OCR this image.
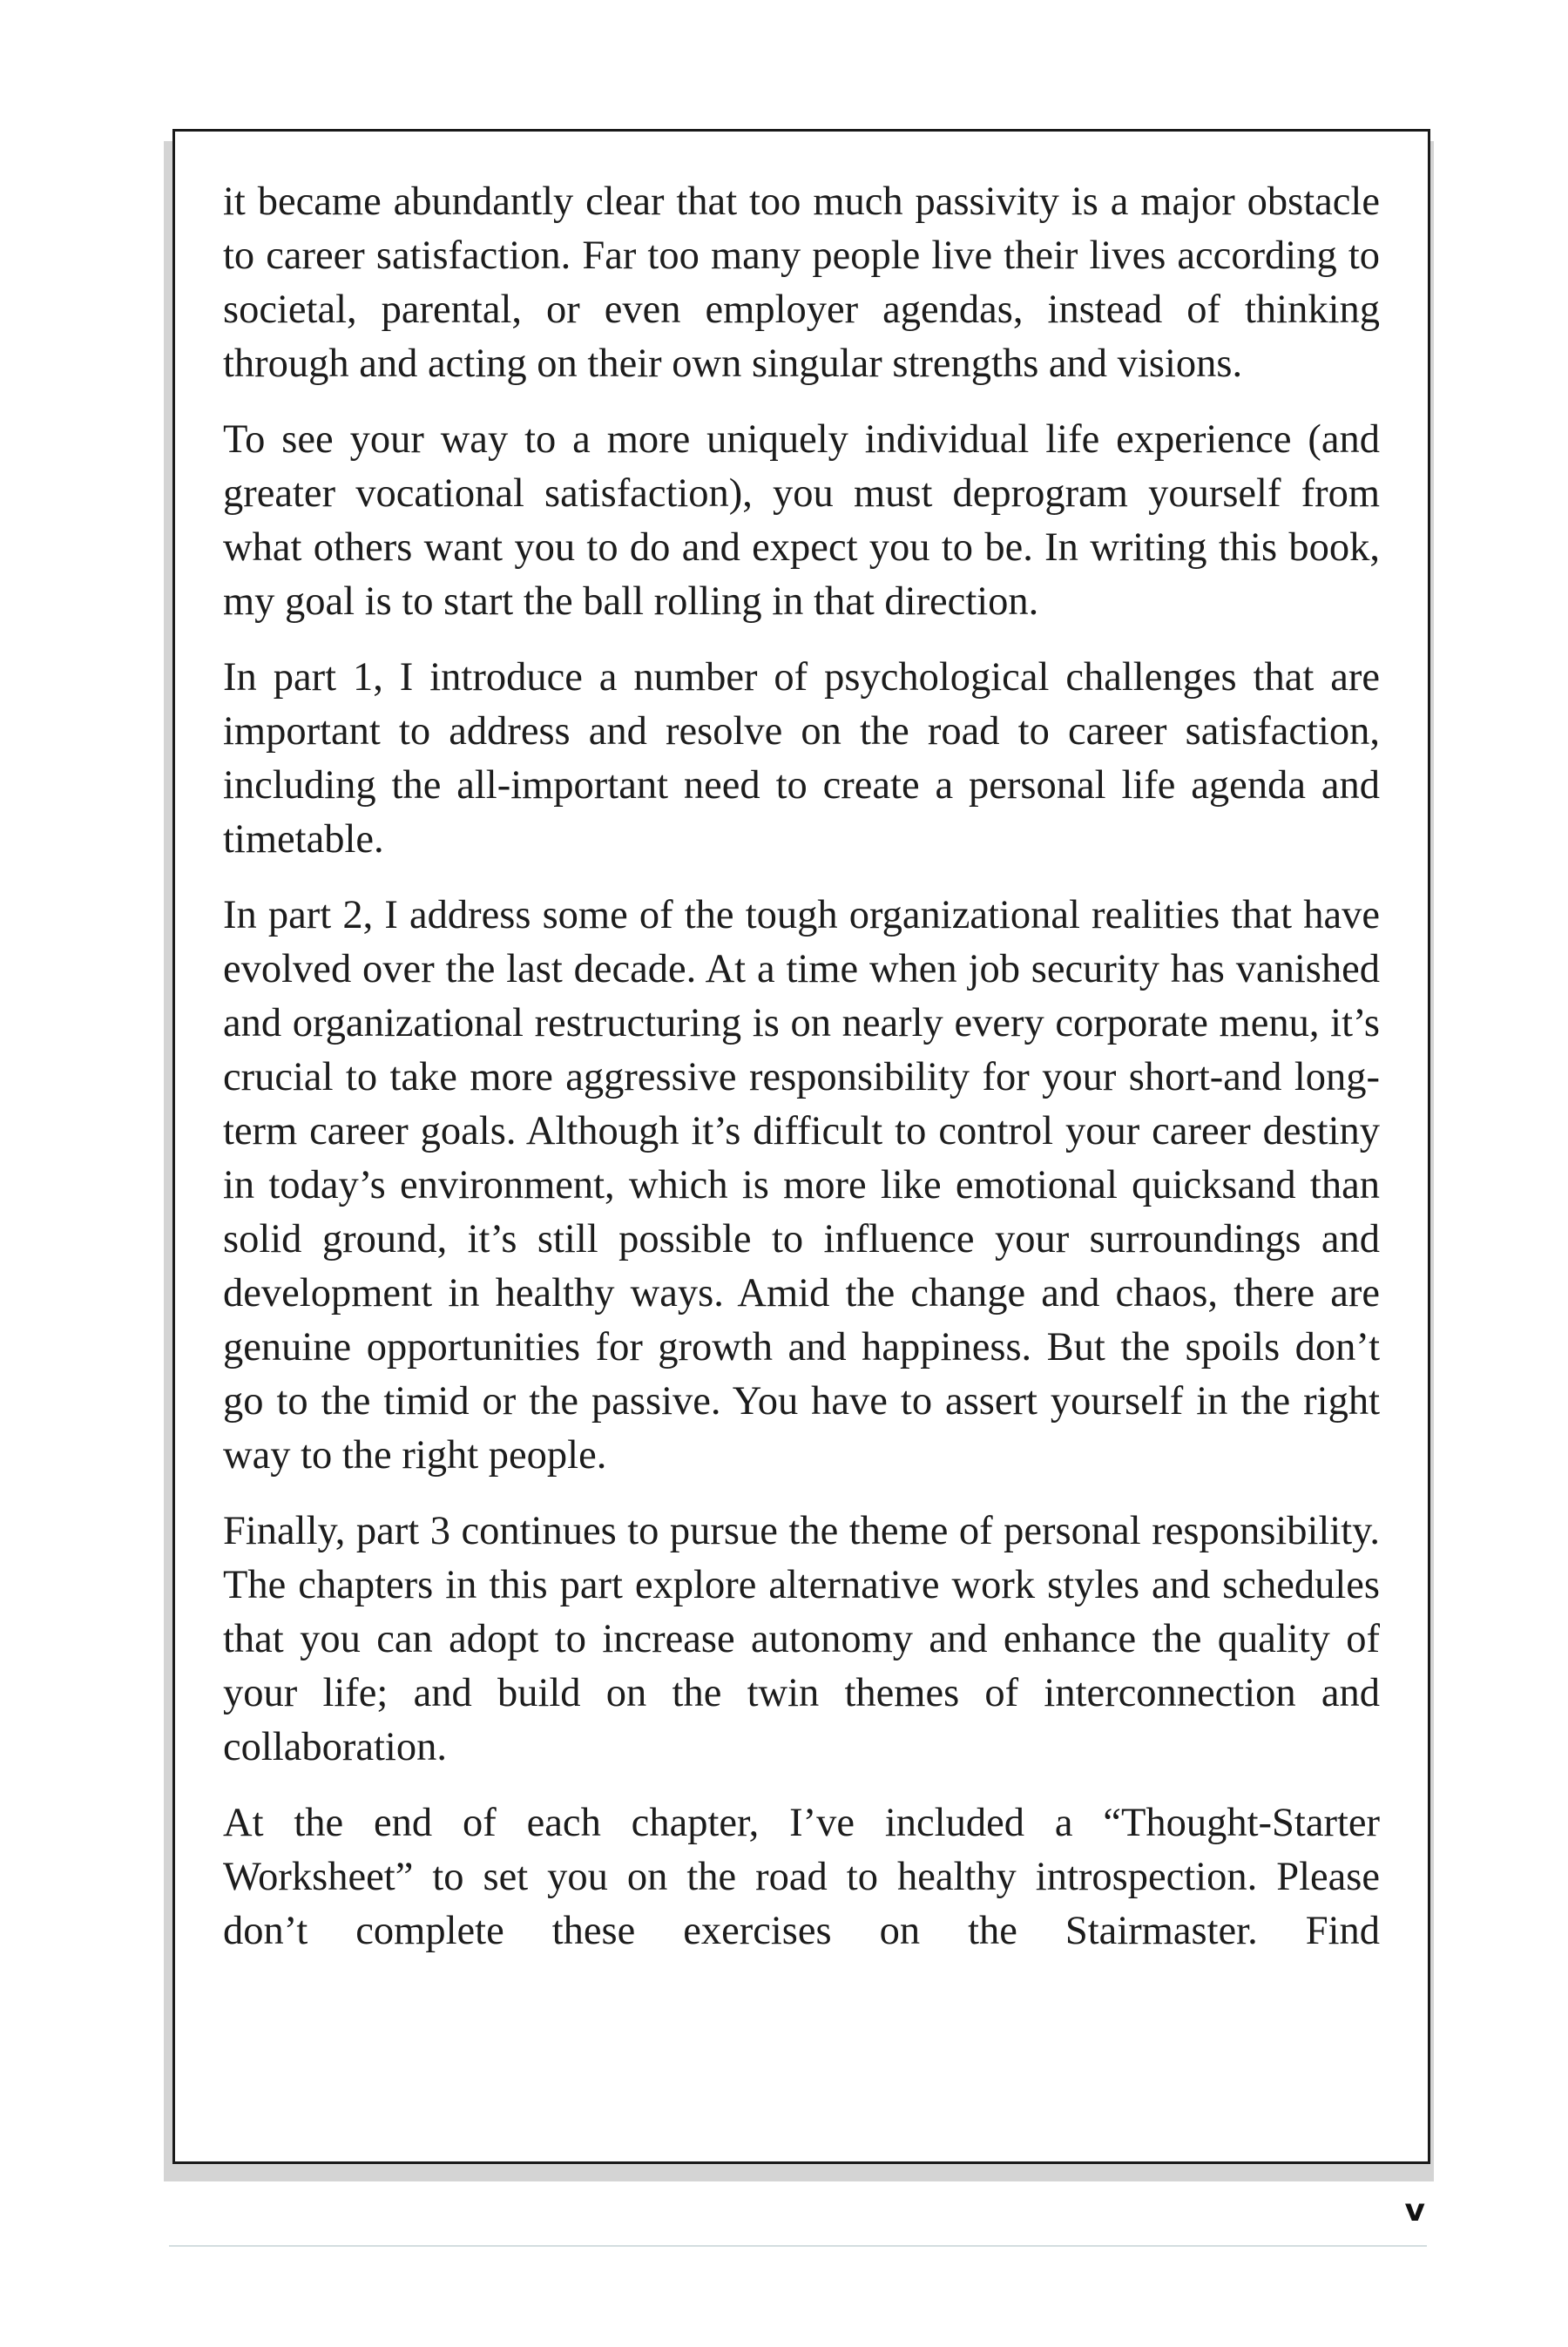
it became abundantly clear that too much passivity is a major obstacle to career satisfaction. Far too many people live their lives according to societal, parental, or even employer agendas, instead of thinking through and acting on their own singular strengths and visions.

To see your way to a more uniquely individual life experience (and greater vocational satisfaction), you must deprogram yourself from what others want you to do and expect you to be. In writing this book, my goal is to start the ball rolling in that direction.

In part 1, I introduce a number of psychological challenges that are important to address and resolve on the road to career satisfaction, including the all-important need to create a personal life agenda and timetable.

In part 2, I address some of the tough organizational realities that have evolved over the last decade. At a time when job security has vanished and organizational restructuring is on nearly every corporate menu, it’s crucial to take more aggressive responsibility for your short-and long-term career goals. Although it’s difficult to control your career destiny in today’s environment, which is more like emotional quicksand than solid ground, it’s still possible to influence your surroundings and development in healthy ways. Amid the change and chaos, there are genuine opportunities for growth and happiness. But the spoils don’t go to the timid or the passive. You have to assert yourself in the right way to the right people.

Finally, part 3 continues to pursue the theme of personal responsibility. The chapters in this part explore alternative work styles and schedules that you can adopt to increase autonomy and enhance the quality of your life; and build on the twin themes of interconnection and collaboration.

At the end of each chapter, I’ve included a “Thought-Starter Worksheet” to set you on the road to healthy introspection. Please don’t complete these exercises on the Stairmaster. Find

v
